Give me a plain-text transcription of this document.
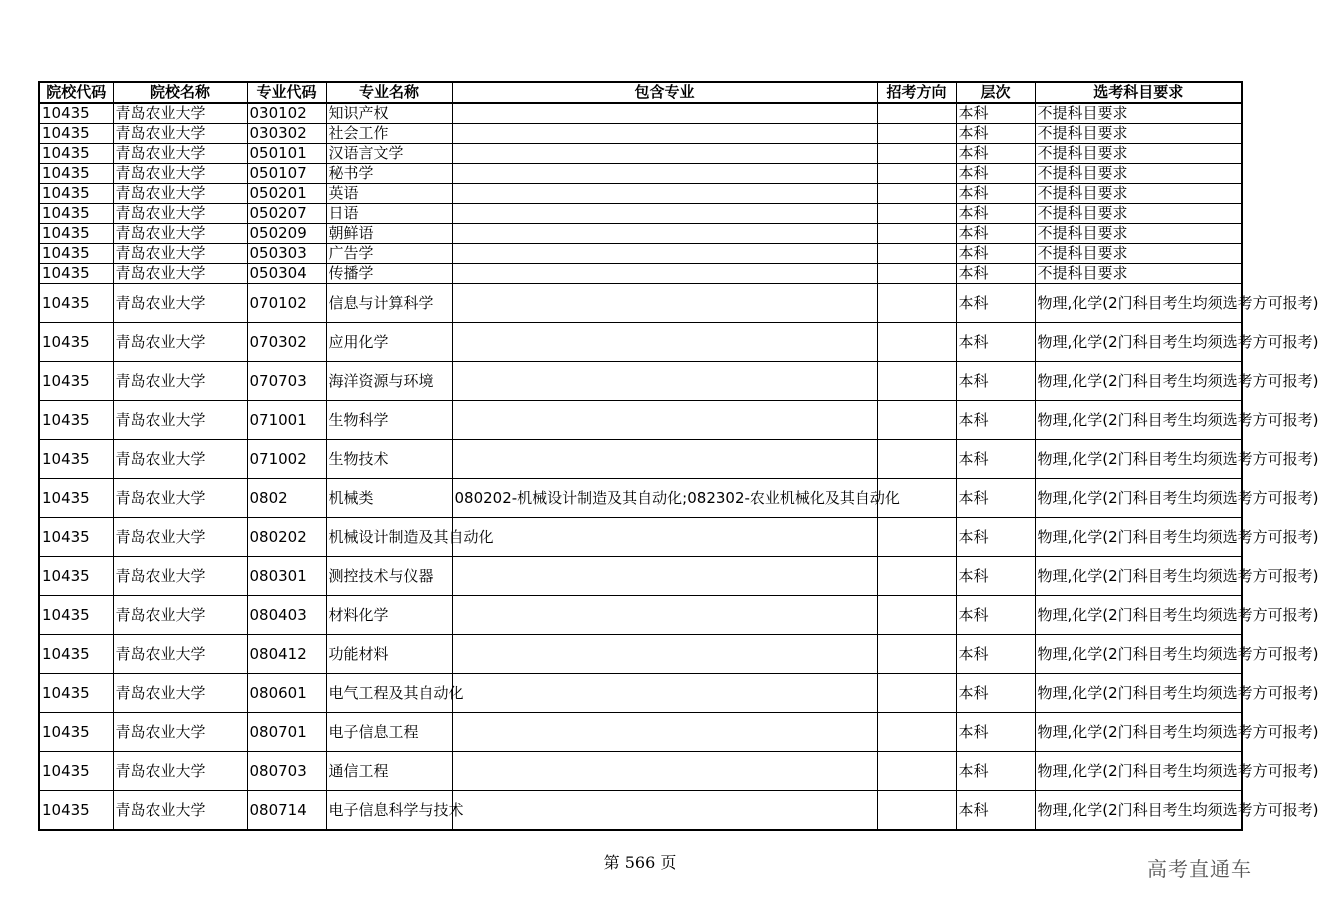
院校代码	院校名称	专业代码	专业名称	包含专业	招考方向	层次	选考科目要求
10435	青岛农业大学	030102	知识产权			本科	不提科目要求
10435	青岛农业大学	030302	社会工作			本科	不提科目要求
10435	青岛农业大学	050101	汉语言文学			本科	不提科目要求
10435	青岛农业大学	050107	秘书学			本科	不提科目要求
10435	青岛农业大学	050201	英语			本科	不提科目要求
10435	青岛农业大学	050207	日语			本科	不提科目要求
10435	青岛农业大学	050209	朝鲜语			本科	不提科目要求
10435	青岛农业大学	050303	广告学			本科	不提科目要求
10435	青岛农业大学	050304	传播学			本科	不提科目要求
10435	青岛农业大学	070102	信息与计算科学			本科	物理,化学(2门科目考生均须选考方可报考)
10435	青岛农业大学	070302	应用化学			本科	物理,化学(2门科目考生均须选考方可报考)
10435	青岛农业大学	070703	海洋资源与环境			本科	物理,化学(2门科目考生均须选考方可报考)
10435	青岛农业大学	071001	生物科学			本科	物理,化学(2门科目考生均须选考方可报考)
10435	青岛农业大学	071002	生物技术			本科	物理,化学(2门科目考生均须选考方可报考)
10435	青岛农业大学	0802	机械类	080202-机械设计制造及其自动化;082302-农业机械化及其自动化		本科	物理,化学(2门科目考生均须选考方可报考)
10435	青岛农业大学	080202	机械设计制造及其自动化			本科	物理,化学(2门科目考生均须选考方可报考)
10435	青岛农业大学	080301	测控技术与仪器			本科	物理,化学(2门科目考生均须选考方可报考)
10435	青岛农业大学	080403	材料化学			本科	物理,化学(2门科目考生均须选考方可报考)
10435	青岛农业大学	080412	功能材料			本科	物理,化学(2门科目考生均须选考方可报考)
10435	青岛农业大学	080601	电气工程及其自动化			本科	物理,化学(2门科目考生均须选考方可报考)
10435	青岛农业大学	080701	电子信息工程			本科	物理,化学(2门科目考生均须选考方可报考)
10435	青岛农业大学	080703	通信工程			本科	物理,化学(2门科目考生均须选考方可报考)
10435	青岛农业大学	080714	电子信息科学与技术			本科	物理,化学(2门科目考生均须选考方可报考)
第 566 页	高考直通车
